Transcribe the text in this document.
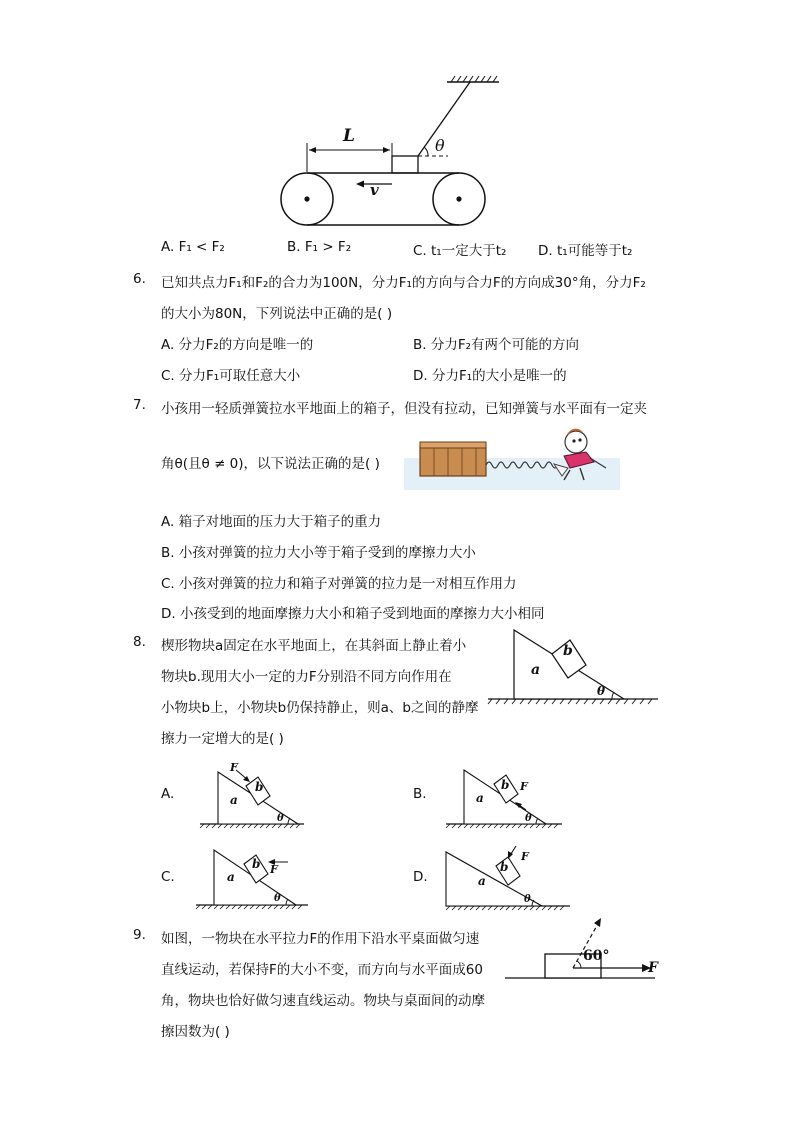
L	θ
v
A. F₁ < F₂	B. F₁ > F₂	C. t₁一定大于t₂ D. t₁可能等于t₂
6. 已知共点力F₁和F₂的合力为100N，分力F₁的方向与合力F的方向成30°角，分力F₂
的大小为80N，下列说法中正确的是( )
A. 分力F₂的方向是唯一的	B. 分力F₂有两个可能的方向
C. 分力F₁可取任意大小	D. 分力F₁的大小是唯一的
7. 小孩用一轻质弹簧拉水平地面上的箱子，但没有拉动，已知弹簧与水平面有一定夹
角θ(且θ ≠ 0)，以下说法正确的是( )
A. 箱子对地面的压力大于箱子的重力
B. 小孩对弹簧的拉力大小等于箱子受到的摩擦力大小
C. 小孩对弹簧的拉力和箱子对弹簧的拉力是一对相互作用力
D. 小孩受到的地面摩擦力大小和箱子受到地面的摩擦力大小相同
8. 楔形物块a固定在水平地面上，在其斜面上静止着小
物块b.现用大小一定的力F分别沿不同方向作用在
小物块b上，小物块b仍保持静止，则a、b之间的静摩
擦力一定增大的是( )
a
b
θ
A.	B.
C.	D.
F
a
b
θ
F
a
b
θ
F
a
b
θ
F
a
b
θ
9. 如图，一物块在水平拉力F的作用下沿水平桌面做匀速
直线运动，若保持F的大小不变，而方向与水平面成60
角，物块也恰好做匀速直线运动。物块与桌面间的动摩
擦因数为( )
60°
F
